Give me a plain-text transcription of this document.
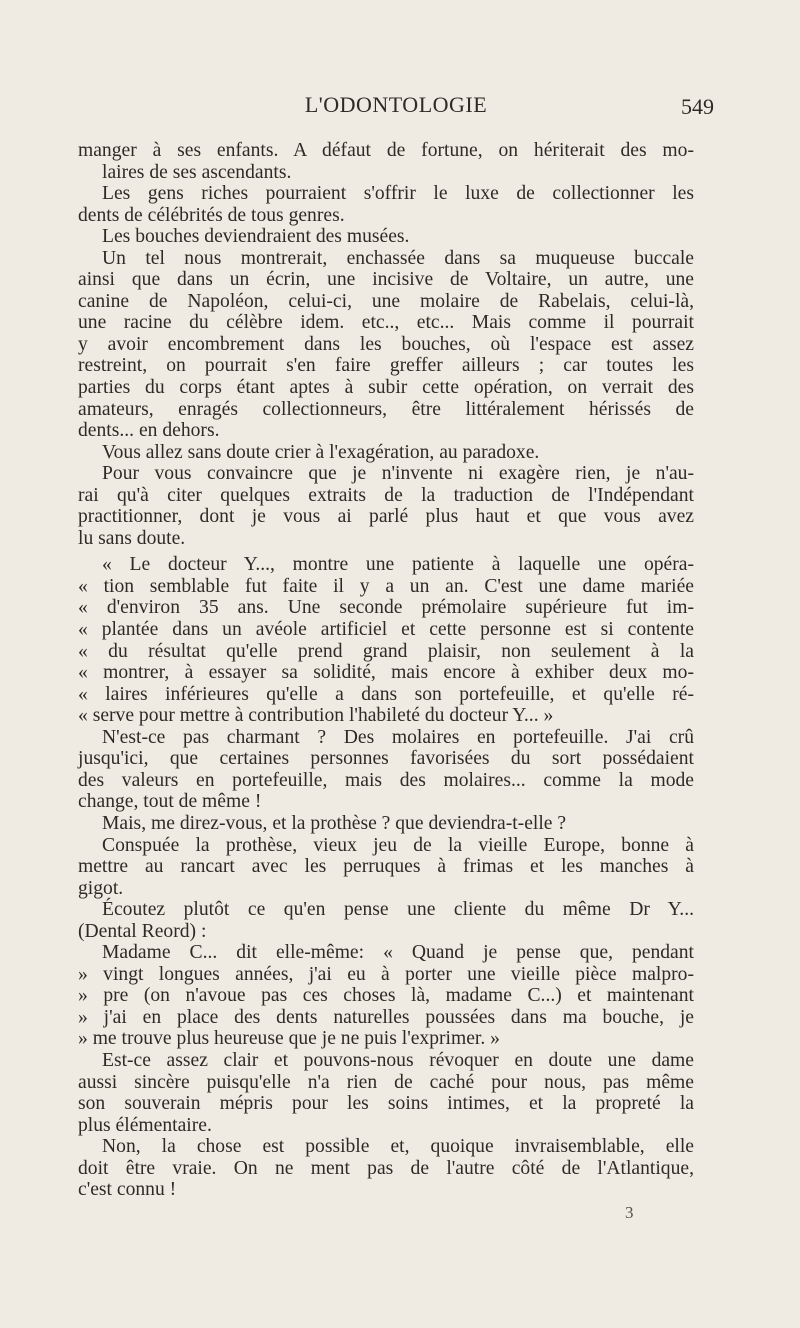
L'ODONTOLOGIE	549
manger à ses enfants. A défaut de fortune, on hériterait des mo-
laires de ses ascendants.
Les gens riches pourraient s'offrir le luxe de collectionner les
dents de célébrités de tous genres.
Les bouches deviendraient des musées.
Un tel nous montrerait, enchassée dans sa muqueuse buccale
ainsi que dans un écrin, une incisive de Voltaire, un autre, une
canine de Napoléon, celui-ci, une molaire de Rabelais, celui-là,
une racine du célèbre idem. etc.., etc... Mais comme il pourrait
y avoir encombrement dans les bouches, où l'espace est assez
restreint, on pourrait s'en faire greffer ailleurs ; car toutes les
parties du corps étant aptes à subir cette opération, on verrait des
amateurs, enragés collectionneurs, être littéralement hérissés de
dents... en dehors.
Vous allez sans doute crier à l'exagération, au paradoxe.
Pour vous convaincre que je n'invente ni exagère rien, je n'au-
rai qu'à citer quelques extraits de la traduction de l'Indépendant
practitionner, dont je vous ai parlé plus haut et que vous avez
lu sans doute.
« Le docteur Y..., montre une patiente à laquelle une opéra-
« tion semblable fut faite il y a un an. C'est une dame mariée
« d'environ 35 ans. Une seconde prémolaire supérieure fut im-
« plantée dans un avéole artificiel et cette personne est si contente
« du résultat qu'elle prend grand plaisir, non seulement à la
« montrer, à essayer sa solidité, mais encore à exhiber deux mo-
« laires inférieures qu'elle a dans son portefeuille, et qu'elle ré-
« serve pour mettre à contribution l'habileté du docteur Y... »
N'est-ce pas charmant ? Des molaires en portefeuille. J'ai crû
jusqu'ici, que certaines personnes favorisées du sort possédaient
des valeurs en portefeuille, mais des molaires... comme la mode
change, tout de même !
Mais, me direz-vous, et la prothèse ? que deviendra-t-elle ?
Conspuée la prothèse, vieux jeu de la vieille Europe, bonne à
mettre au rancart avec les perruques à frimas et les manches à
gigot.
Écoutez plutôt ce qu'en pense une cliente du même Dr Y...
(Dental Reord) :
Madame C... dit elle-même: « Quand je pense que, pendant
» vingt longues années, j'ai eu à porter une vieille pièce malpro-
» pre (on n'avoue pas ces choses là, madame C...) et maintenant
» j'ai en place des dents naturelles poussées dans ma bouche, je
» me trouve plus heureuse que je ne puis l'exprimer. »
Est-ce assez clair et pouvons-nous révoquer en doute une dame
aussi sincère puisqu'elle n'a rien de caché pour nous, pas même
son souverain mépris pour les soins intimes, et la propreté la
plus élémentaire.
Non, la chose est possible et, quoique invraisemblable, elle
doit être vraie. On ne ment pas de l'autre côté de l'Atlantique,
c'est connu !
3
